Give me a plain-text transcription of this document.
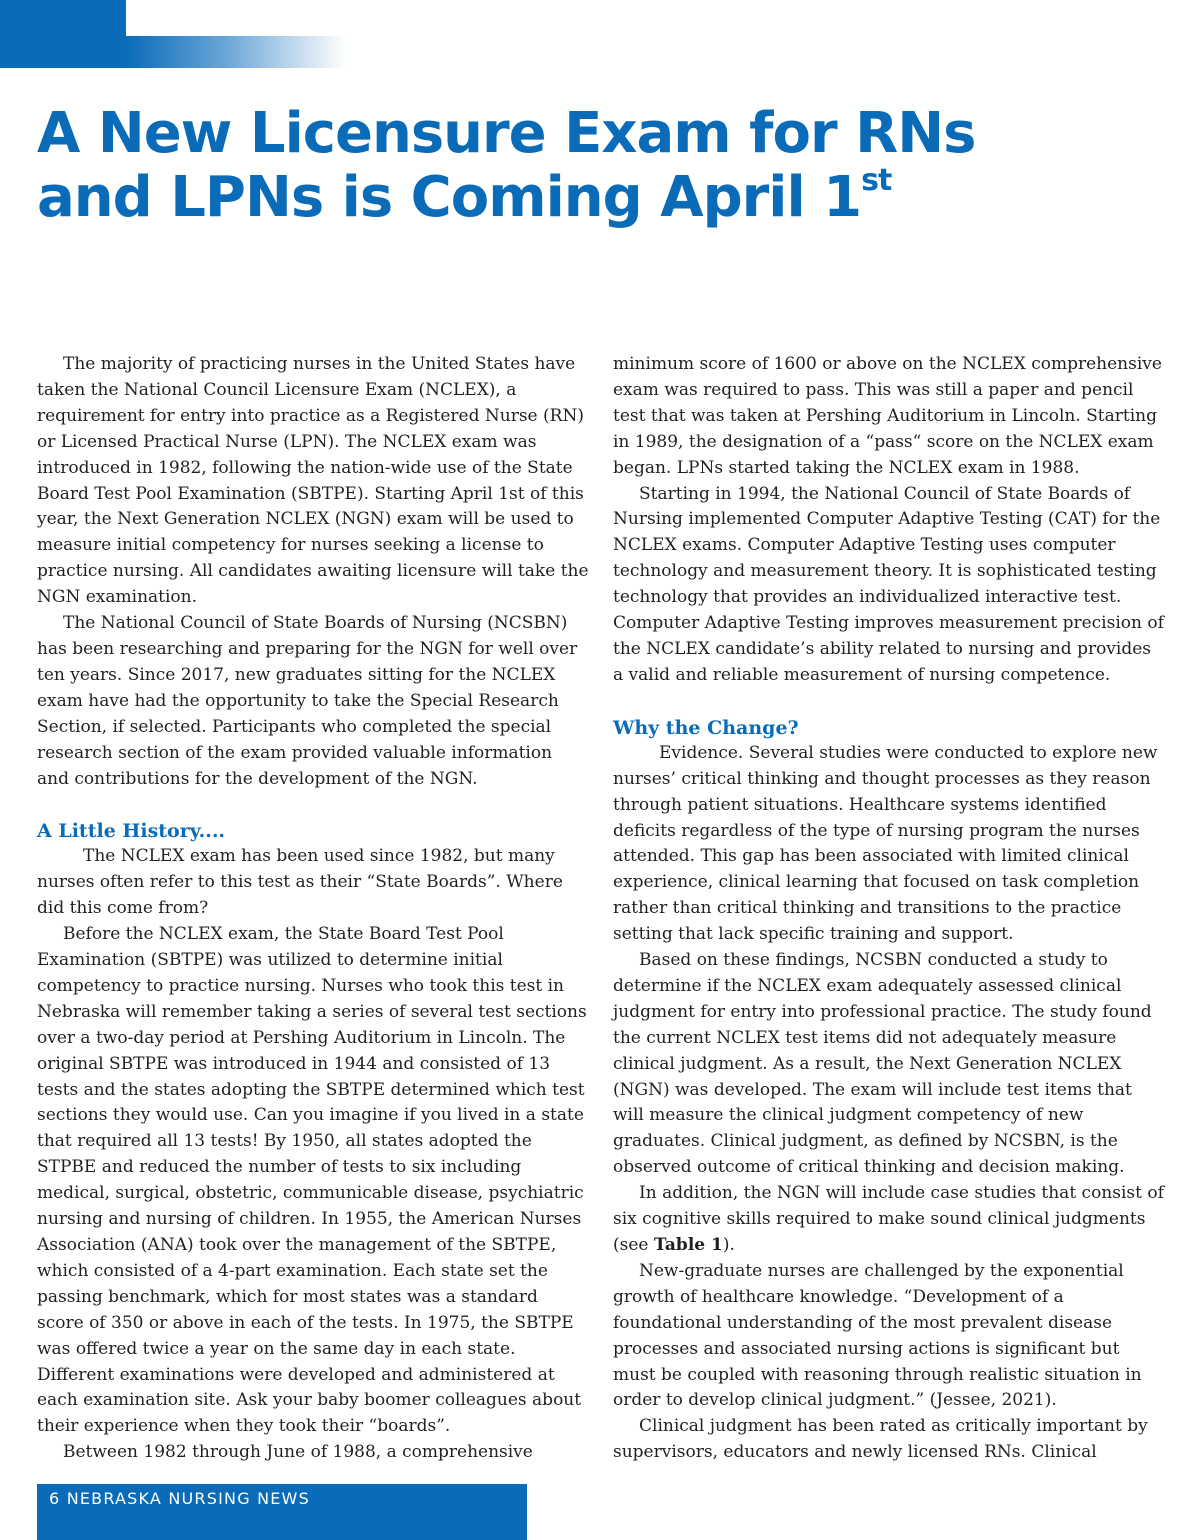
A New Licensure Exam for RNs and LPNs is Coming April 1st

The majority of practicing nurses in the United States have taken the National Council Licensure Exam (NCLEX), a requirement for entry into practice as a Registered Nurse (RN) or Licensed Practical Nurse (LPN). The NCLEX exam was introduced in 1982, following the nation-wide use of the State Board Test Pool Examination (SBTPE). Starting April 1st of this year, the Next Generation NCLEX (NGN) exam will be used to measure initial competency for nurses seeking a license to practice nursing. All candidates awaiting licensure will take the NGN examination.

The National Council of State Boards of Nursing (NCSBN) has been researching and preparing for the NGN for well over ten years. Since 2017, new graduates sitting for the NCLEX exam have had the opportunity to take the Special Research Section, if selected. Participants who completed the special research section of the exam provided valuable information and contributions for the development of the NGN.

A Little History....

The NCLEX exam has been used since 1982, but many nurses often refer to this test as their “State Boards”. Where did this come from?

Before the NCLEX exam, the State Board Test Pool Examination (SBTPE) was utilized to determine initial competency to practice nursing. Nurses who took this test in Nebraska will remember taking a series of several test sections over a two-day period at Pershing Auditorium in Lincoln. The original SBTPE was introduced in 1944 and consisted of 13 tests and the states adopting the SBTPE determined which test sections they would use. Can you imagine if you lived in a state that required all 13 tests! By 1950, all states adopted the STPBE and reduced the number of tests to six including medical, surgical, obstetric, communicable disease, psychiatric nursing and nursing of children. In 1955, the American Nurses Association (ANA) took over the management of the SBTPE, which consisted of a 4-part examination. Each state set the passing benchmark, which for most states was a standard score of 350 or above in each of the tests. In 1975, the SBTPE was offered twice a year on the same day in each state. Different examinations were developed and administered at each examination site. Ask your baby boomer colleagues about their experience when they took their “boards”.

Between 1982 through June of 1988, a comprehensive

minimum score of 1600 or above on the NCLEX comprehensive exam was required to pass. This was still a paper and pencil test that was taken at Pershing Auditorium in Lincoln. Starting in 1989, the designation of a “pass“ score on the NCLEX exam began. LPNs started taking the NCLEX exam in 1988.

Starting in 1994, the National Council of State Boards of Nursing implemented Computer Adaptive Testing (CAT) for the NCLEX exams. Computer Adaptive Testing uses computer technology and measurement theory. It is sophisticated testing technology that provides an individualized interactive test. Computer Adaptive Testing improves measurement precision of the NCLEX candidate’s ability related to nursing and provides a valid and reliable measurement of nursing competence.

Why the Change?

Evidence. Several studies were conducted to explore new nurses’ critical thinking and thought processes as they reason through patient situations. Healthcare systems identified deficits regardless of the type of nursing program the nurses attended. This gap has been associated with limited clinical experience, clinical learning that focused on task completion rather than critical thinking and transitions to the practice setting that lack specific training and support.

Based on these findings, NCSBN conducted a study to determine if the NCLEX exam adequately assessed clinical judgment for entry into professional practice. The study found the current NCLEX test items did not adequately measure clinical judgment. As a result, the Next Generation NCLEX (NGN) was developed. The exam will include test items that will measure the clinical judgment competency of new graduates. Clinical judgment, as defined by NCSBN, is the observed outcome of critical thinking and decision making.

In addition, the NGN will include case studies that consist of six cognitive skills required to make sound clinical judgments (see Table 1).

New-graduate nurses are challenged by the exponential growth of healthcare knowledge. “Development of a foundational understanding of the most prevalent disease processes and associated nursing actions is significant but must be coupled with reasoning through realistic situation in order to develop clinical judgment.” (Jessee, 2021).

Clinical judgment has been rated as critically important by supervisors, educators and newly licensed RNs. Clinical

6 NEBRASKA NURSING NEWS
